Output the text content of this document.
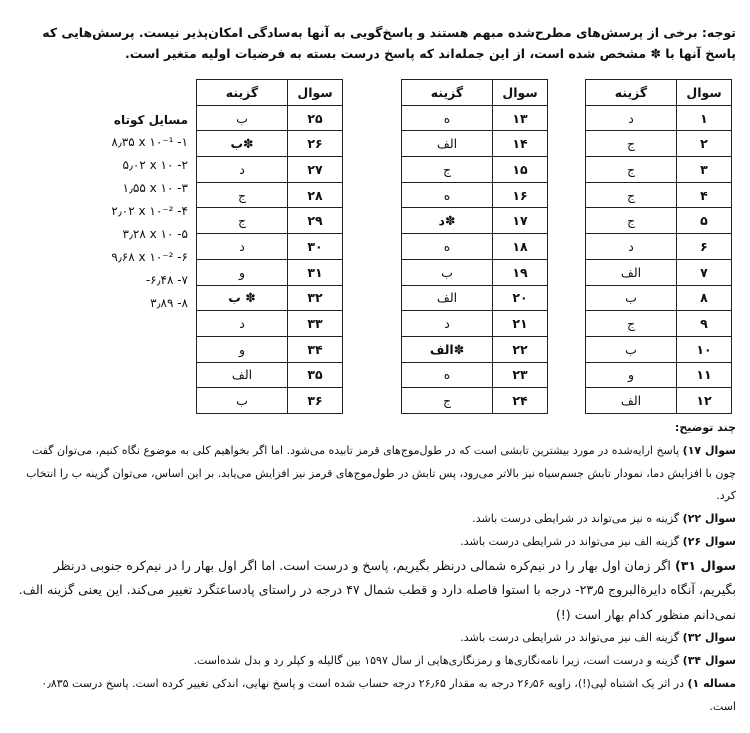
توجه: برخی از پرسش‌های مطرح‌شده مبهم هستند و پاسخ‌گویی به آنها به‌سادگی امکان‌پذیر نیست. پرسش‌هایی که پاسخ آنها با ✽ مشخص شده است، از این جمله‌اند که پاسخ درست بسته به فرضیات اولیه متغیر است.
سوال	گزینه
۱	د
۲	ج
۳	ج
۴	ج
۵	ج
۶	د
۷	الف
۸	ب
۹	ج
۱۰	ب
۱۱	و
۱۲	الف
سوال	گزینه
۱۳	ه
۱۴	الف
۱۵	ج
۱۶	ه
۱۷	✽د
۱۸	ه
۱۹	ب
۲۰	الف
۲۱	د
۲۲	✽الف
۲۳	ه
۲۴	ج
سوال	گزینه
۲۵	ب
۲۶	✽ب
۲۷	د
۲۸	ج
۲۹	ج
۳۰	د
۳۱	و
۳۲	✽ ب
۳۳	د
۳۴	و
۳۵	الف
۳۶	ب
مسایل کوتاه
۸٫۳۵ x ۱۰⁻¹ -۱
۵٫۰۲ x ۱۰ -۲
۱٫۵۵ x ۱۰ -۳
۲٫۰۲ x ۱۰⁻² -۴
۳٫۲۸ x ۱۰ -۵
۹٫۶۸ x ۱۰⁻² -۶
-۶٫۴۸ -۷
۳٫۸۹ -۸

چند توضیح:

سوال ۱۷) پاسخ ارایه‌شده در مورد بیشترین تابشی است که در طول‌موج‌های قرمز تابیده می‌شود. اما اگر بخواهیم کلی به موضوع نگاه کنیم، می‌توان گفت چون با افزایش دما، نمودار تابش جسم‌سیاه نیز بالاتر می‌رود، پس تابش در طول‌موج‌های قرمز نیز افزایش می‌یابد. بر این اساس، می‌توان گزینه ب را انتخاب کرد.

سوال ۲۲) گزینه ه نیز می‌تواند در شرایطی درست باشد.

سوال ۲۶) گزینه الف نیز می‌تواند در شرایطی درست باشد.

سوال ۳۱) اگر زمان اول بهار را در نیم‌کره شمالی درنظر بگیریم، پاسخ و درست است. اما اگر اول بهار را در نیم‌کره جنوبی درنظر بگیریم، آنگاه دایرةالبروج ۲۳٫۵- درجه با استوا فاصله دارد و قطب شمال ۴۷ درجه در راستای پادساعتگرد تغییر می‌کند. این یعنی گزینه الف. نمی‌دانم منظور کدام بهار است (!)

سوال ۳۲) گزینه الف نیز می‌تواند در شرایطی درست باشد.

سوال ۳۴) گزینه و درست است، زیرا نامه‌نگاری‌ها و رمزنگاری‌هایی از سال ۱۵۹۷ بین گالیله و کپلر رد و بدل شده‌است.

مساله ۱) در اثر یک اشتباه لپی(!)، زاویه ۲۶٫۵۶ درجه به مقدار ۲۶٫۶۵ درجه حساب شده است و پاسخ نهایی، اندکی تغییر کرده است. پاسخ درست ۰٫۸۳۵ است.
